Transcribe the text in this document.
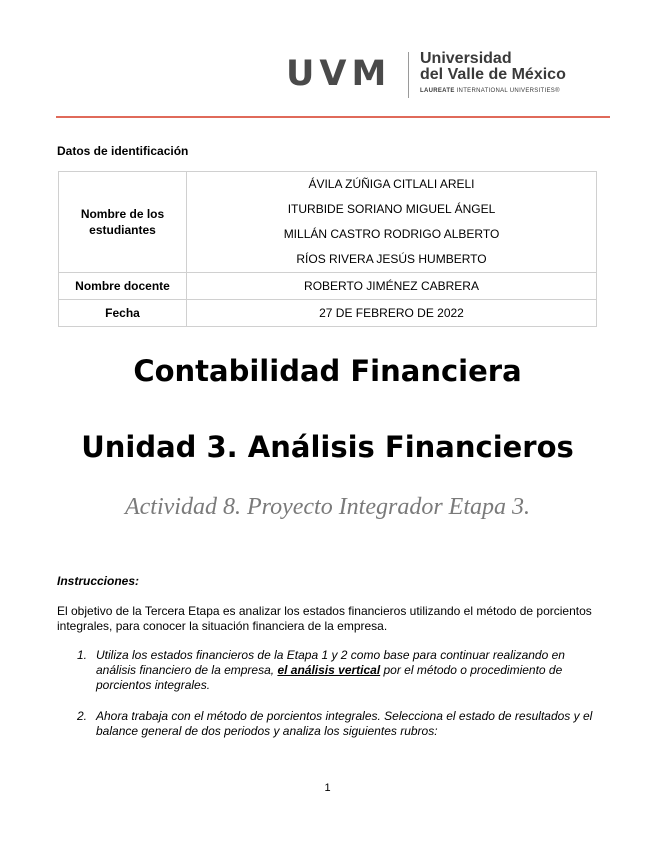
UVM Universidad
del Valle de México
LAUREATE INTERNATIONAL UNIVERSITIES®
Datos de identificación
Nombre de los estudiantes	ÁVILA ZÚÑIGA CITLALI ARELI
ITURBIDE SORIANO MIGUEL ÁNGEL
MILLÁN CASTRO RODRIGO ALBERTO
RÍOS RIVERA JESÚS HUMBERTO

Nombre docente	ROBERTO JIMÉNEZ CABRERA
Fecha	27 DE FEBRERO DE 2022
Contabilidad Financiera
Unidad 3. Análisis Financieros
Actividad 8. Proyecto Integrador Etapa 3.
Instrucciones:
El objetivo de la Tercera Etapa es analizar los estados financieros utilizando el método de porcientos integrales, para conocer la situación financiera de la empresa.
1. Utiliza los estados financieros de la Etapa 1 y 2 como base para continuar realizando en análisis financiero de la empresa, el análisis vertical por el método o procedimiento de porcientos integrales.
2. Ahora trabaja con el método de porcientos integrales. Selecciona el estado de resultados y el balance general de dos periodos y analiza los siguientes rubros:
1
